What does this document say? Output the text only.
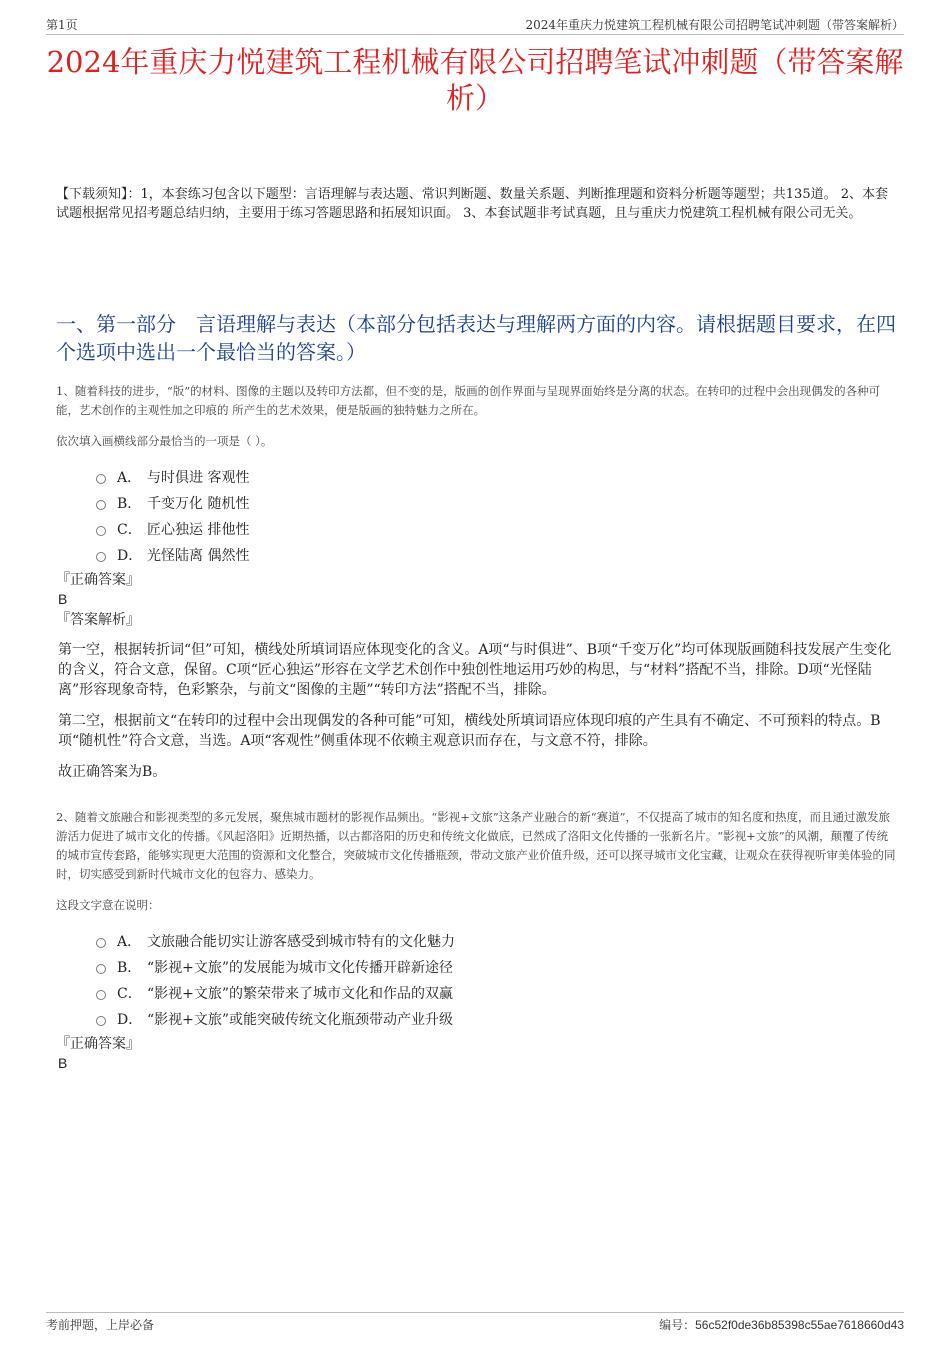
第1页	2024年重庆力悦建筑工程机械有限公司招聘笔试冲刺题（带答案解析）
2024年重庆力悦建筑工程机械有限公司招聘笔试冲刺题（带答案解析）

【下载须知】：1，本套练习包含以下题型：言语理解与表达题、常识判断题、数量关系题、判断推理题和资料分析题等题型；共135道。 2、本套试题根据常见招考题总结归纳，主要用于练习答题思路和拓展知识面。 3、本套试题非考试真题，且与重庆力悦建筑工程机械有限公司无关。

一、第一部分　言语理解与表达（本部分包括表达与理解两方面的内容。请根据题目要求，在四个选项中选出一个最恰当的答案。）

1、随着科技的进步，“版”的材料、图像的主题以及转印方法都，但不变的是，版画的创作界面与呈现界面始终是分离的状态。在转印的过程中会出现偶发的各种可能，艺术创作的主观性加之印痕的 所产生的艺术效果，便是版画的独特魅力之所在。

依次填入画横线部分最恰当的一项是（ ）。

A． 与时俱进 客观性
B． 千变万化 随机性
C． 匠心独运 排他性
D． 光怪陆离 偶然性

『正确答案』

B

『答案解析』

第一空，根据转折词“但”可知，横线处所填词语应体现变化的含义。A项“与时俱进”、B项“千变万化”均可体现版画随科技发展产生变化的含义，符合文意，保留。C项“匠心独运”形容在文学艺术创作中独创性地运用巧妙的构思，与“材料”搭配不当，排除。D项“光怪陆离”形容现象奇特，色彩繁杂，与前文“图像的主题”“转印方法”搭配不当，排除。

第二空，根据前文“在转印的过程中会出现偶发的各种可能”可知，横线处所填词语应体现印痕的产生具有不确定、不可预料的特点。B项“随机性”符合文意，当选。A项“客观性”侧重体现不依赖主观意识而存在，与文意不符，排除。

故正确答案为B。

2、随着文旅融合和影视类型的多元发展，聚焦城市题材的影视作品频出。“影视+文旅”这条产业融合的新“赛道”，不仅提高了城市的知名度和热度，而且通过激发旅游活力促进了城市文化的传播。《风起洛阳》近期热播，以古都洛阳的历史和传统文化做底，已然成了洛阳文化传播的一张新名片。“影视+文旅”的风潮，颠覆了传统的城市宣传套路，能够实现更大范围的资源和文化整合，突破城市文化传播瓶颈，带动文旅产业价值升级，还可以探寻城市文化宝藏，让观众在获得视听审美体验的同时，切实感受到新时代城市文化的包容力、感染力。

这段文字意在说明：

A． 文旅融合能切实让游客感受到城市特有的文化魅力
B． “影视+文旅”的发展能为城市文化传播开辟新途径
C． “影视+文旅”的繁荣带来了城市文化和作品的双赢
D． “影视+文旅”或能突破传统文化瓶颈带动产业升级

『正确答案』

B

考前押题，上岸必备	编号：56c52f0de36b85398c55ae7618660d43
